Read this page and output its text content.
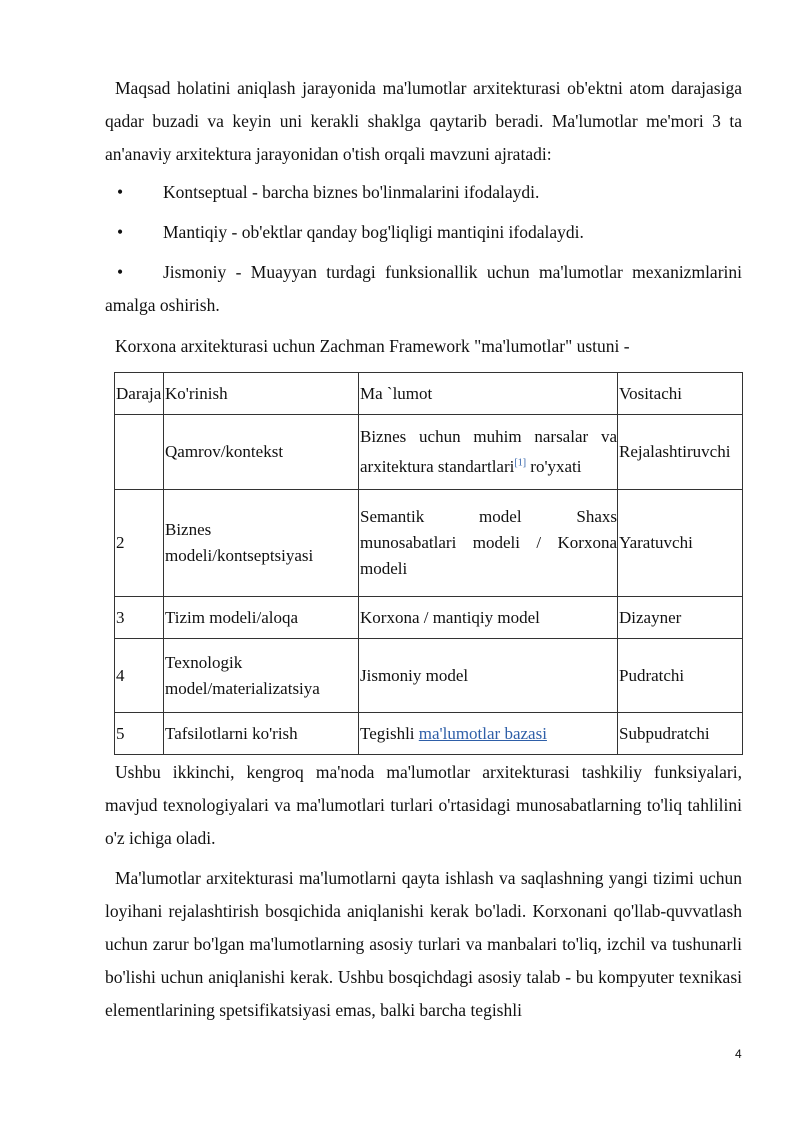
Maqsad holatini aniqlash jarayonida ma'lumotlar arxitekturasi ob'ektni atom darajasiga qadar buzadi va keyin uni kerakli shaklga qaytarib beradi. Ma'lumotlar me'mori 3 ta an'anaviy arxitektura jarayonidan o'tish orqali mavzuni ajratadi:
• Kontseptual - barcha biznes bo'linmalarini ifodalaydi.
• Mantiqiy - ob'ektlar qanday bog'liqligi mantiqini ifodalaydi.
• Jismoniy - Muayyan turdagi funksionallik uchun ma'lumotlar mexanizmlarini
amalga oshirish.
Korxona arxitekturasi uchun Zachman Framework "ma'lumotlar" ustuni -
Daraja	Ko'rinish	Ma `lumot	Vositachi
	Qamrov/kontekst	Biznes uchun muhim narsalar va
arxitektura standartlari[1] ro'yxati	Rejalashtiruvchi
2	Biznes
modeli/kontseptsiyasi	Semantik model Shaxs
munosabatlari modeli / Korxona
modeli	Yaratuvchi
3	Tizim modeli/aloqa	Korxona / mantiqiy model	Dizayner
4	Texnologik
model/materializatsiya	Jismoniy model	Pudratchi
5	Tafsilotlarni ko'rish	Tegishli ma'lumotlar bazasi	Subpudratchi
Ushbu ikkinchi, kengroq ma'noda ma'lumotlar arxitekturasi tashkiliy funksiyalari, mavjud texnologiyalari va ma'lumotlari turlari o'rtasidagi munosabatlarning to'liq tahlilini o'z ichiga oladi.
Ma'lumotlar arxitekturasi ma'lumotlarni qayta ishlash va saqlashning yangi tizimi uchun loyihani rejalashtirish bosqichida aniqlanishi kerak bo'ladi. Korxonani qo'llab-quvvatlash uchun zarur bo'lgan ma'lumotlarning asosiy turlari va manbalari to'liq, izchil va tushunarli bo'lishi uchun aniqlanishi kerak. Ushbu bosqichdagi asosiy talab - bu kompyuter texnikasi elementlarining spetsifikatsiyasi emas, balki barcha tegishli
4
